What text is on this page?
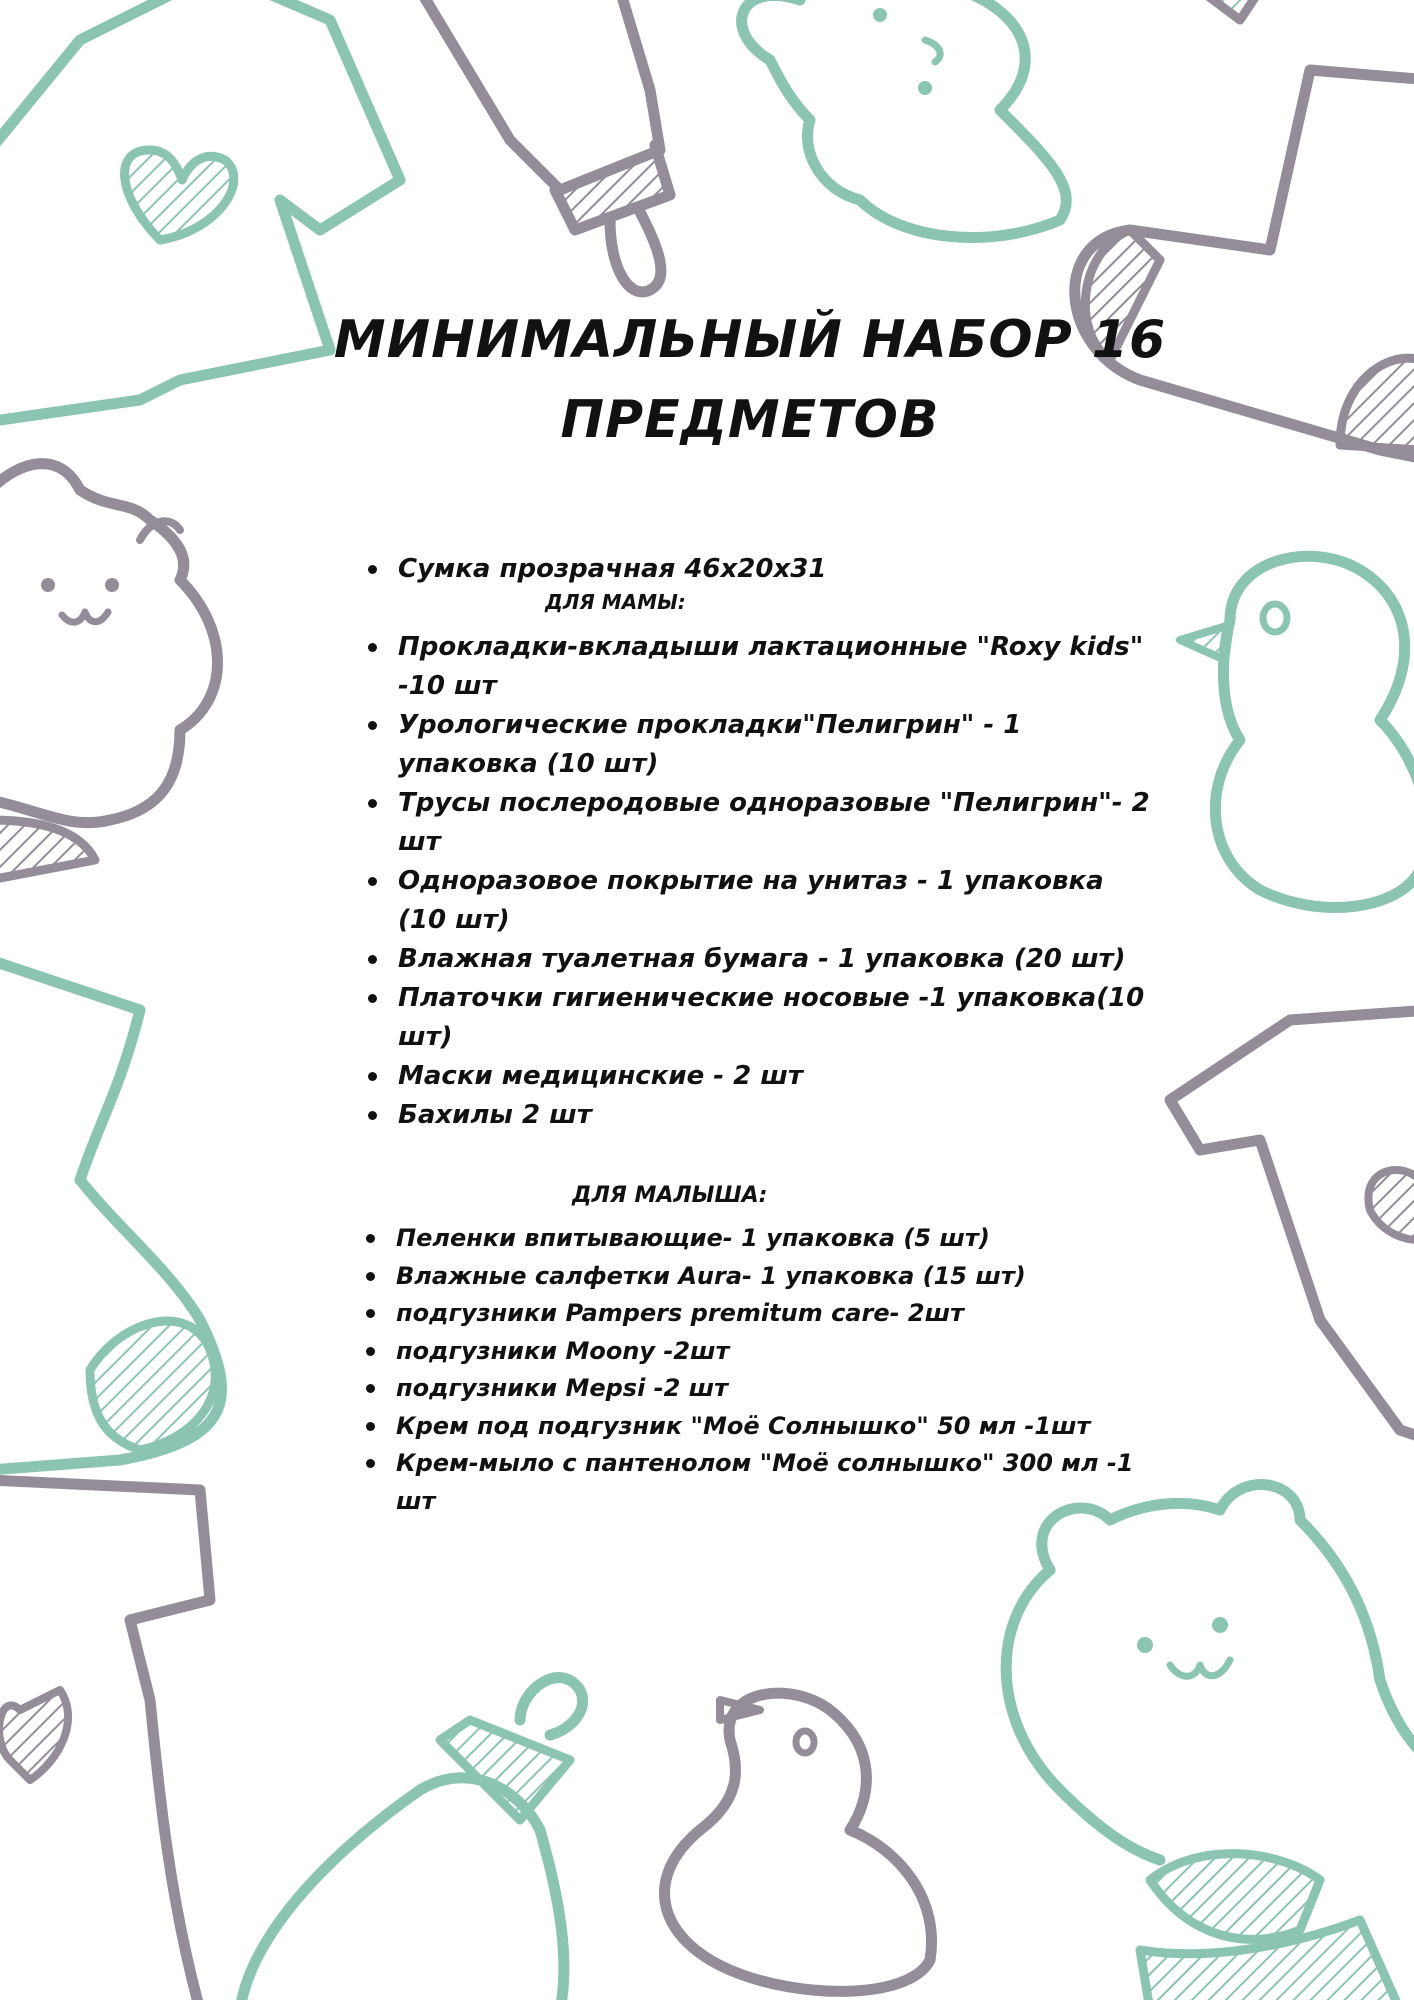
МИНИМАЛЬНЫЙ НАБОР 16
ПРЕДМЕТОВ
Сумка прозрачная 46х20х31
ДЛЯ МАМЫ:
Прокладки-вкладыши лактационные "Roxy kids" -10 шт
Урологические прокладки"Пелигрин" - 1 упаковка (10 шт)
Трусы послеродовые одноразовые "Пелигрин"- 2 шт
Одноразовое покрытие на унитаз - 1 упаковка (10 шт)
Влажная туалетная бумага - 1 упаковка (20 шт)
Платочки гигиенические носовые -1 упаковка(10 шт)
Маски медицинские - 2 шт
Бахилы 2 шт
ДЛЯ МАЛЫША:
Пеленки впитывающие- 1 упаковка (5 шт)
Влажные салфетки Aura- 1 упаковка (15 шт)
подгузники Pampers premitum care- 2шт
подгузники Moony -2шт
подгузники Mepsi -2 шт
Крем под подгузник "Моё Солнышко" 50 мл -1шт
Крем-мыло с пантенолом "Моё солнышко" 300 мл -1 шт
